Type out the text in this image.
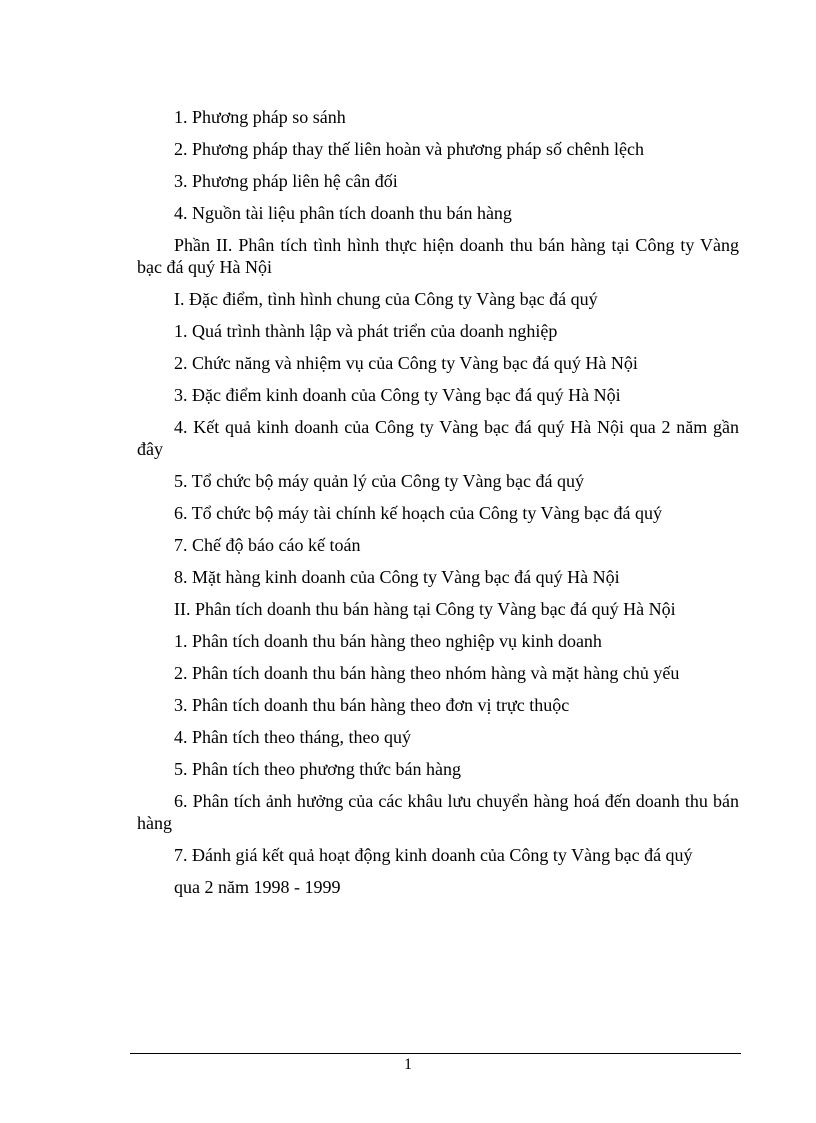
1. Phương pháp so sánh
2. Phương pháp thay thế liên hoàn và phương pháp số chênh lệch
3. Phương pháp liên hệ cân đối
4. Nguồn tài liệu phân tích doanh thu bán hàng
Phần II. Phân tích tình hình thực hiện doanh thu bán hàng tại Công ty Vàng bạc đá quý Hà Nội
I. Đặc điểm, tình hình chung của Công ty Vàng bạc đá quý
1. Quá trình thành lập và phát triển của doanh nghiệp
2. Chức năng và nhiệm vụ của Công ty Vàng bạc đá quý Hà Nội
3. Đặc điểm kinh doanh của Công ty Vàng bạc đá quý Hà Nội
4. Kết quả kinh doanh của Công ty Vàng bạc đá quý Hà Nội qua 2 năm gần đây
5. Tổ chức bộ máy quản lý của Công ty Vàng bạc đá quý
6. Tổ chức bộ máy tài chính kế hoạch của Công ty Vàng bạc đá quý
7. Chế độ báo cáo kế toán
8. Mặt hàng kinh doanh của Công ty Vàng bạc đá quý Hà Nội
II. Phân tích doanh thu bán hàng tại Công ty Vàng bạc đá quý Hà Nội
1. Phân tích doanh thu bán hàng theo nghiệp vụ kinh doanh
2. Phân tích doanh thu bán hàng theo nhóm hàng và mặt hàng chủ yếu
3. Phân tích doanh thu bán hàng theo đơn vị trực thuộc
4. Phân tích theo tháng, theo quý
5. Phân tích theo phương thức bán hàng
6. Phân tích ảnh hưởng của các khâu lưu chuyển hàng hoá đến doanh thu bán hàng
7. Đánh giá kết quả hoạt động kinh doanh của Công ty Vàng bạc đá quý
qua 2 năm 1998 - 1999
1
